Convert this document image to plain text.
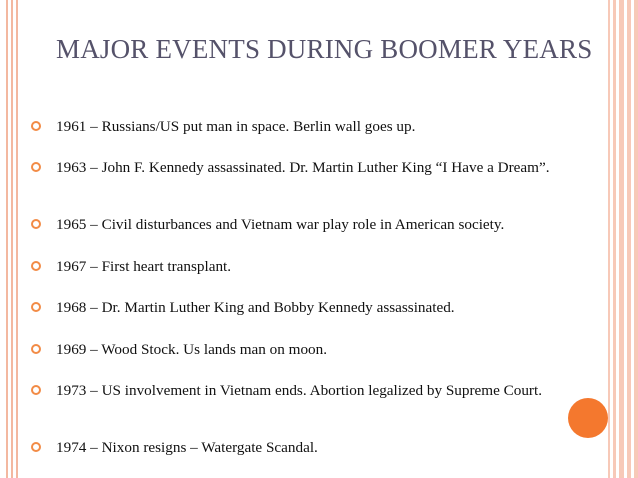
MAJOR EVENTS DURING BOOMER YEARS
1961 – Russians/US put man in space. Berlin wall goes up.
1963 – John F. Kennedy assassinated. Dr. Martin Luther King “I Have a Dream”.
1965 – Civil disturbances and Vietnam war play role in American society.
1967 – First heart transplant.
1968 – Dr. Martin Luther King and Bobby Kennedy assassinated.
1969 – Wood Stock. Us lands man on moon.
1973 – US involvement in Vietnam ends. Abortion legalized by Supreme Court.
1974 – Nixon resigns – Watergate Scandal.
